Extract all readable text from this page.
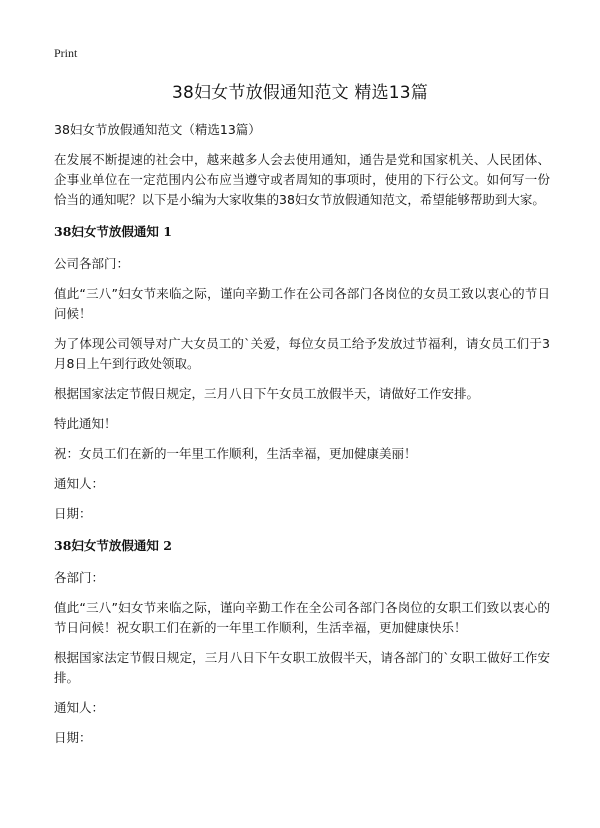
Print
38妇女节放假通知范文 精选13篇

38妇女节放假通知范文（精选13篇）

在发展不断提速的社会中，越来越多人会去使用通知，通告是党和国家机关、人民团体、企事业单位在一定范围内公布应当遵守或者周知的事项时，使用的下行公文。如何写一份恰当的通知呢？以下是小编为大家收集的38妇女节放假通知范文，希望能够帮助到大家。

38妇女节放假通知 1

公司各部门：

值此“三八”妇女节来临之际，谨向辛勤工作在公司各部门各岗位的女员工致以衷心的节日问候！

为了体现公司领导对广大女员工的`关爱，每位女员工给予发放过节福利，请女员工们于3月8日上午到行政处领取。

根据国家法定节假日规定，三月八日下午女员工放假半天，请做好工作安排。

特此通知！

祝：女员工们在新的一年里工作顺利，生活幸福，更加健康美丽！

通知人：

日期：

38妇女节放假通知 2

各部门：

值此“三八”妇女节来临之际，谨向辛勤工作在全公司各部门各岗位的女职工们致以衷心的节日问候！祝女职工们在新的一年里工作顺利，生活幸福，更加健康快乐！

根据国家法定节假日规定，三月八日下午女职工放假半天，请各部门的`女职工做好工作安排。

通知人：

日期：
